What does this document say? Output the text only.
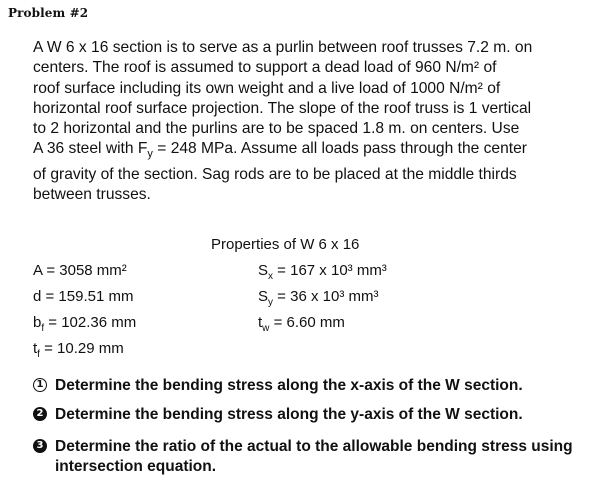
Problem #2
A W 6 x 16 section is to serve as a purlin between roof trusses 7.2 m. on
centers. The roof is assumed to support a dead load of 960 N/m² of
roof surface including its own weight and a live load of 1000 N/m² of
horizontal roof surface projection. The slope of the roof truss is 1 vertical
to 2 horizontal and the purlins are to be spaced 1.8 m. on centers. Use
A 36 steel with $F_y = 248$ MPa. Assume all loads pass through the center
of gravity of the section. Sag rods are to be placed at the middle thirds
between trusses.
Properties of W 6 x 16
A = 3058 mm²
d = 159.51 mm
$b_f = 102.36$ mm
$t_f = 10.29$ mm
$S_x = 167$ x 10³ mm³
$S_y = 36$ x 10³ mm³
$t_w = 6.60$ mm
1 Determine the bending stress along the x-axis of the W section.
2 Determine the bending stress along the y-axis of the W section.
3 Determine the ratio of the actual to the allowable bending stress using intersection equation.
